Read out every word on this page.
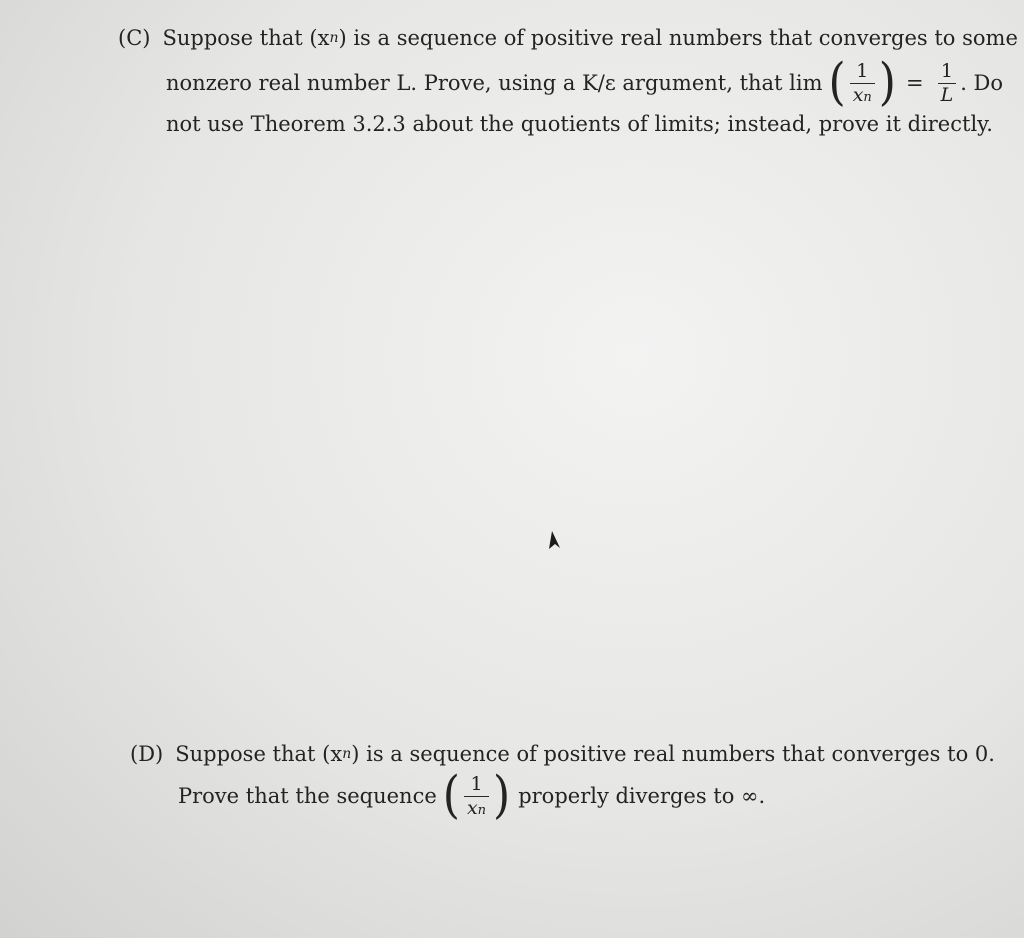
(C) Suppose that (x n ) is a sequence of positive real numbers that converges to some
nonzero real number L. Prove, using a K/ε argument, that lim ( $\frac{1}{xn}$ ) = $\frac{1}{L}$ . Do
not use Theorem 3.2.3 about the quotients of limits; instead, prove it directly.
(D) Suppose that (x n ) is a sequence of positive real numbers that converges to 0.
Prove that the sequence ( $\frac{1}{xn}$ ) properly diverges to ∞.
